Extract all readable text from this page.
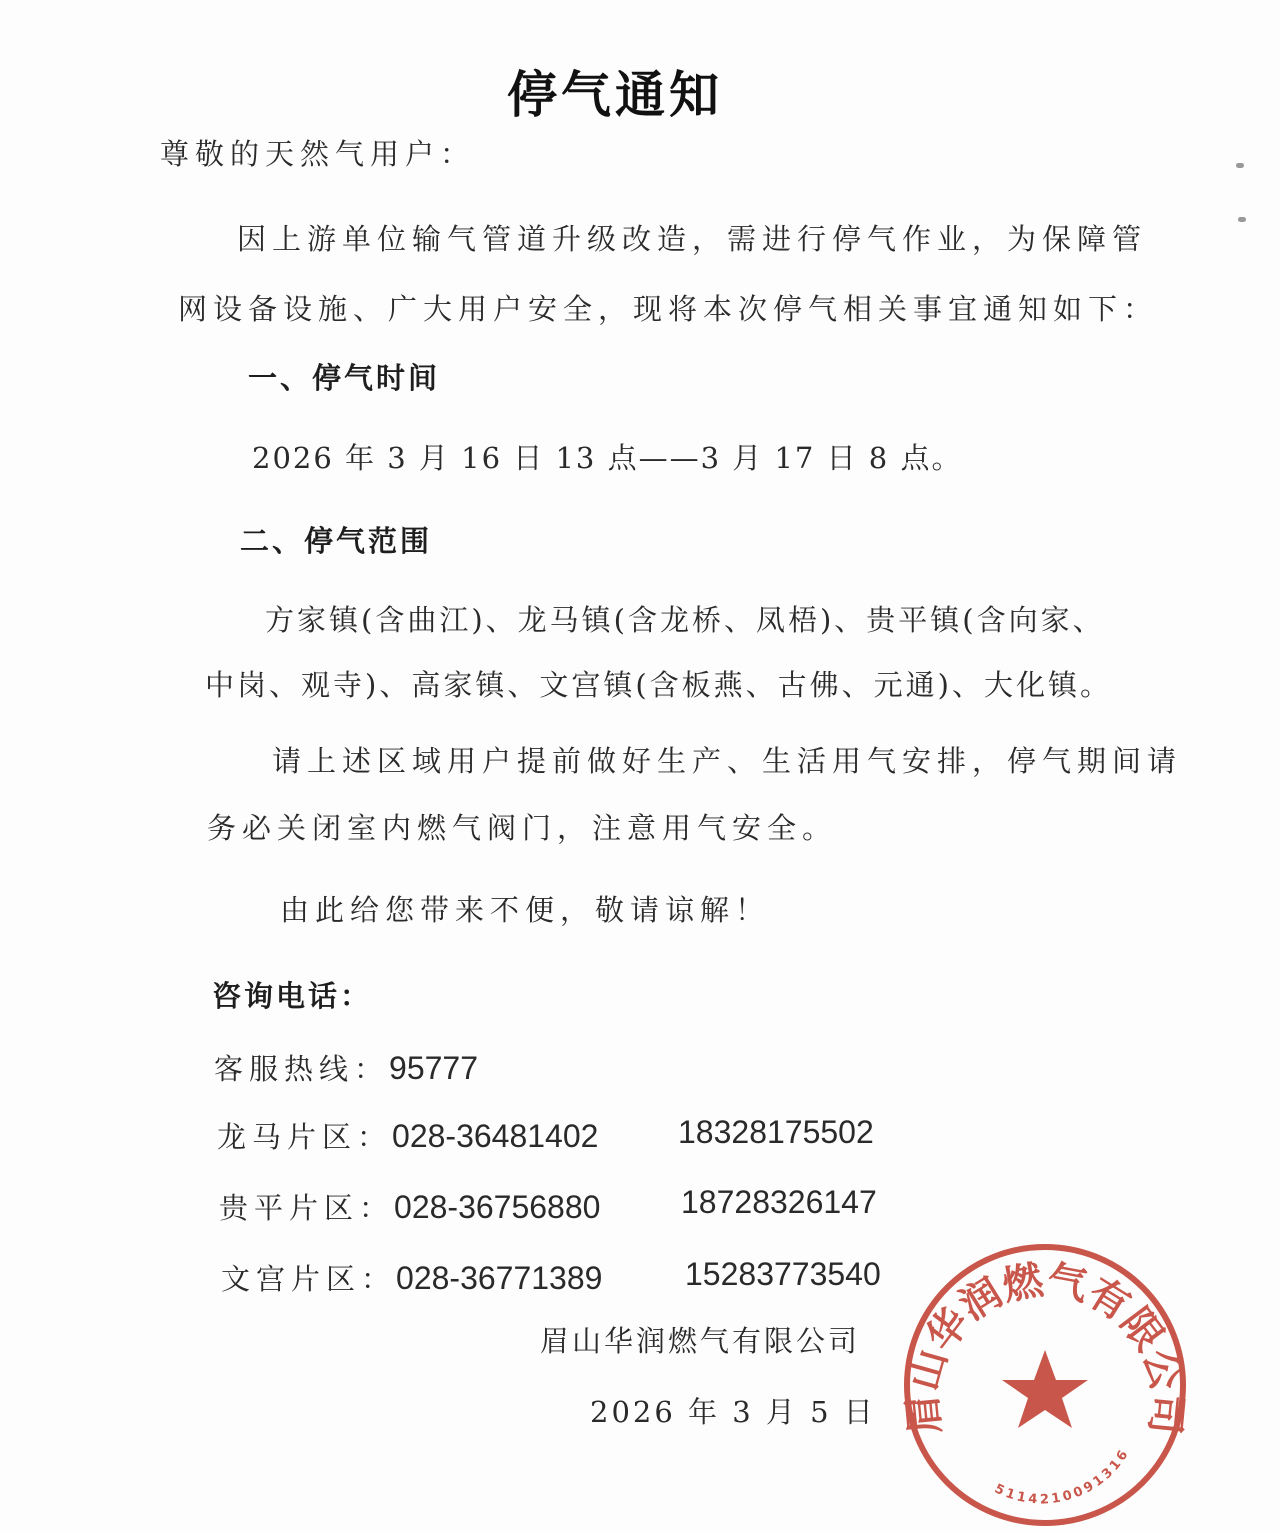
停气通知
尊敬的天然气用户：
因上游单位输气管道升级改造，需进行停气作业，为保障管
网设备设施、广大用户安全，现将本次停气相关事宜通知如下：
一、停气时间
2026 年 3 月 16 日 13 点——3 月 17 日 8 点。
二、停气范围
方家镇(含曲江)、龙马镇(含龙桥、凤梧)、贵平镇(含向家、
中岗、观寺)、高家镇、文宫镇(含板燕、古佛、元通)、大化镇。
请上述区域用户提前做好生产、生活用气安排，停气期间请
务必关闭室内燃气阀门，注意用气安全。
由此给您带来不便，敬请谅解！
咨询电话：
客服热线：95777
龙马片区：028-36481402 18328175502
贵平片区：028-36756880	18728326147
文宫片区：028-36771389	15283773540
眉山华润燃气有限公司
2026 年 3 月 5 日 眉山华润燃气有限公司
5114210091316
